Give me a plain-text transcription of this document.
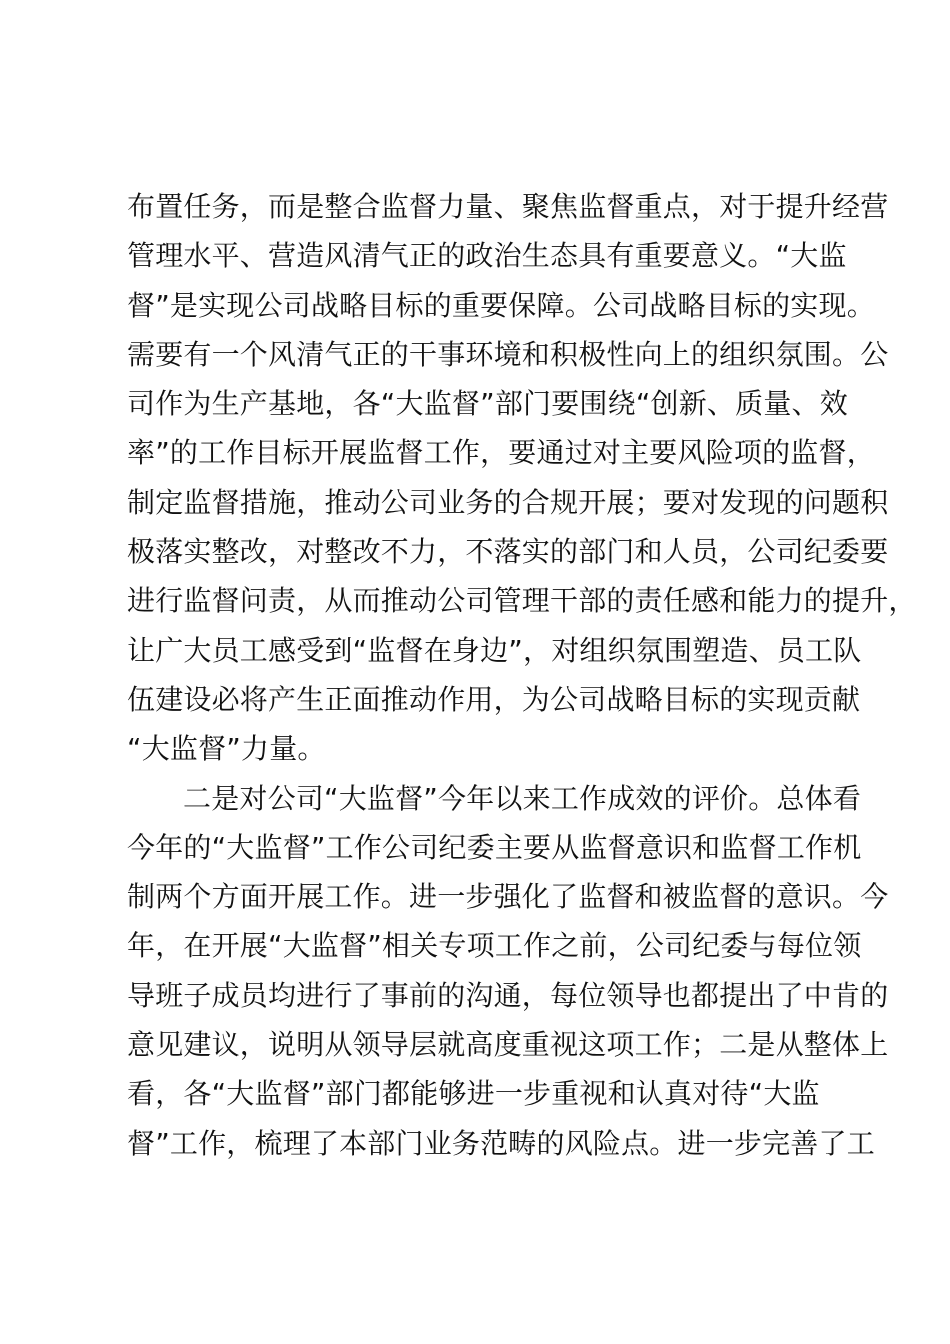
布置任务，而是整合监督力量、聚焦监督重点，对于提升经营
管理水平、营造风清气正的政治生态具有重要意义。“大监
督”是实现公司战略目标的重要保障。公司战略目标的实现。
需要有一个风清气正的干事环境和积极性向上的组织氛围。公
司作为生产基地，各“大监督”部门要围绕“创新、质量、效
率”的工作目标开展监督工作，要通过对主要风险项的监督，
制定监督措施，推动公司业务的合规开展；要对发现的问题积
极落实整改，对整改不力，不落实的部门和人员，公司纪委要
进行监督问责，从而推动公司管理干部的责任感和能力的提升，
让广大员工感受到“监督在身边”，对组织氛围塑造、员工队
伍建设必将产生正面推动作用，为公司战略目标的实现贡献
“大监督”力量。
二是对公司“大监督”今年以来工作成效的评价。总体看
今年的“大监督”工作公司纪委主要从监督意识和监督工作机
制两个方面开展工作。进一步强化了监督和被监督的意识。今
年，在开展“大监督”相关专项工作之前，公司纪委与每位领
导班子成员均进行了事前的沟通，每位领导也都提出了中肯的
意见建议，说明从领导层就高度重视这项工作；二是从整体上
看，各“大监督”部门都能够进一步重视和认真对待“大监
督”工作，梳理了本部门业务范畴的风险点。进一步完善了工
